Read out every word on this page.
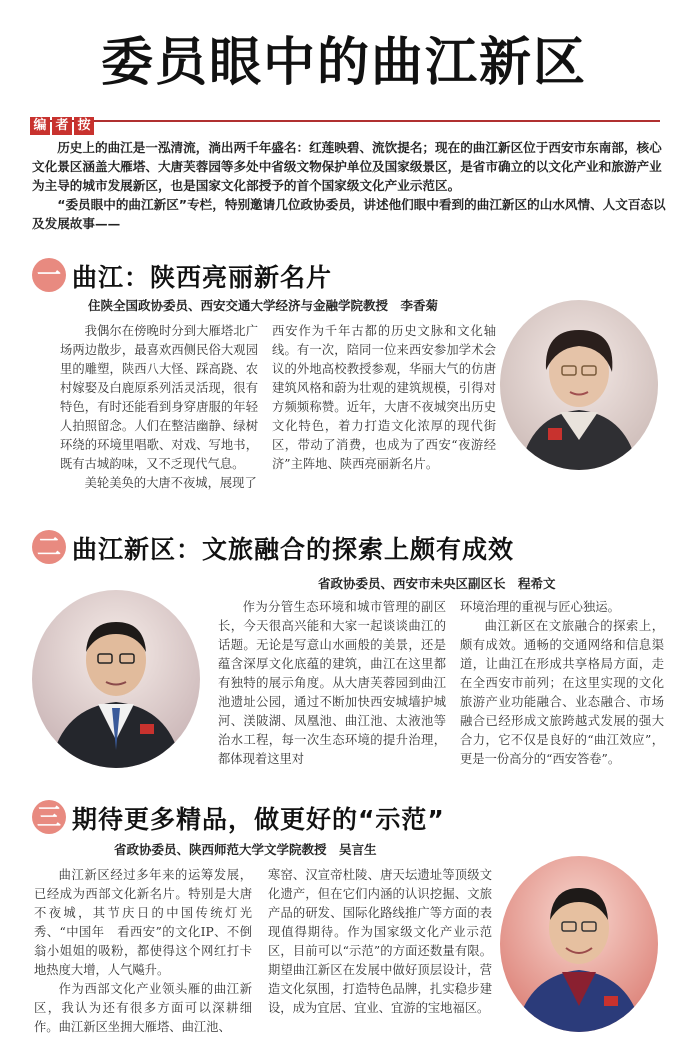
委员眼中的曲江新区
编 者 按

历史上的曲江是一泓清流，淌出两千年盛名：红莲映碧、流饮提名；现在的曲江新区位于西安市东南部，核心文化景区涵盖大雁塔、大唐芙蓉园等多处中省级文物保护单位及国家级景区，是省市确立的以文化产业和旅游产业为主导的城市发展新区，也是国家文化部授予的首个国家级文化产业示范区。

“委员眼中的曲江新区”专栏，特别邀请几位政协委员，讲述他们眼中看到的曲江新区的山水风情、人文百态以及发展故事——

一 曲江：陕西亮丽新名片
住陕全国政协委员、西安交通大学经济与金融学院教授　李香菊

我偶尔在傍晚时分到大雁塔北广场两边散步，最喜欢西侧民俗大观园里的雕塑，陕西八大怪、踩高跷、农村嫁娶及白鹿原系列活灵活现，很有特色，有时还能看到身穿唐服的年轻人拍照留念。人们在整洁幽静、绿树环绕的环境里唱歌、对戏、写地书，既有古城韵味，又不乏现代气息。

美轮美奂的大唐不夜城，展现了

西安作为千年古都的历史文脉和文化轴线。有一次，陪同一位来西安参加学术会议的外地高校教授参观，华丽大气的仿唐建筑风格和蔚为壮观的建筑规模，引得对方频频称赞。近年，大唐不夜城突出历史文化特色，着力打造文化浓厚的现代街区，带动了消费，也成为了西安“夜游经济”主阵地、陕西亮丽新名片。

二 曲江新区：文旅融合的探索上颇有成效
省政协委员、西安市未央区副区长　程希文

作为分管生态环境和城市管理的副区长，今天很高兴能和大家一起谈谈曲江的话题。无论是写意山水画般的美景，还是蕴含深厚文化底蕴的建筑，曲江在这里都有独特的展示角度。从大唐芙蓉园到曲江池遗址公园，通过不断加快西安城墙护城河、渼陂湖、凤凰池、曲江池、太液池等治水工程，每一次生态环境的提升治理，都体现着这里对

环境治理的重视与匠心独运。

曲江新区在文旅融合的探索上，颇有成效。通畅的交通网络和信息渠道，让曲江在形成共享格局方面，走在全西安市前列；在这里实现的文化旅游产业功能融合、业态融合、市场融合已经形成文旅跨越式发展的强大合力，它不仅是良好的“曲江效应”，更是一份高分的“西安答卷”。

三 期待更多精品，做更好的“示范”
省政协委员、陕西师范大学文学院教授　吴言生

曲江新区经过多年来的运筹发展，已经成为西部文化新名片。特别是大唐不夜城，其节庆日的中国传统灯光秀、“中国年　看西安”的文化IP、不倒翁小姐姐的吸粉，都使得这个网红打卡地热度大增，人气飚升。

作为西部文化产业领头雁的曲江新区，我认为还有很多方面可以深耕细作。曲江新区坐拥大雁塔、曲江池、

寒窑、汉宣帝杜陵、唐天坛遗址等顶级文化遗产，但在它们内涵的认识挖掘、文旅产品的研发、国际化路线推广等方面的表现值得期待。作为国家级文化产业示范区，目前可以“示范”的方面还数量有限。期望曲江新区在发展中做好顶层设计，营造文化氛围，打造特色品牌，扎实稳步建设，成为宜居、宜业、宜游的宝地福区。
